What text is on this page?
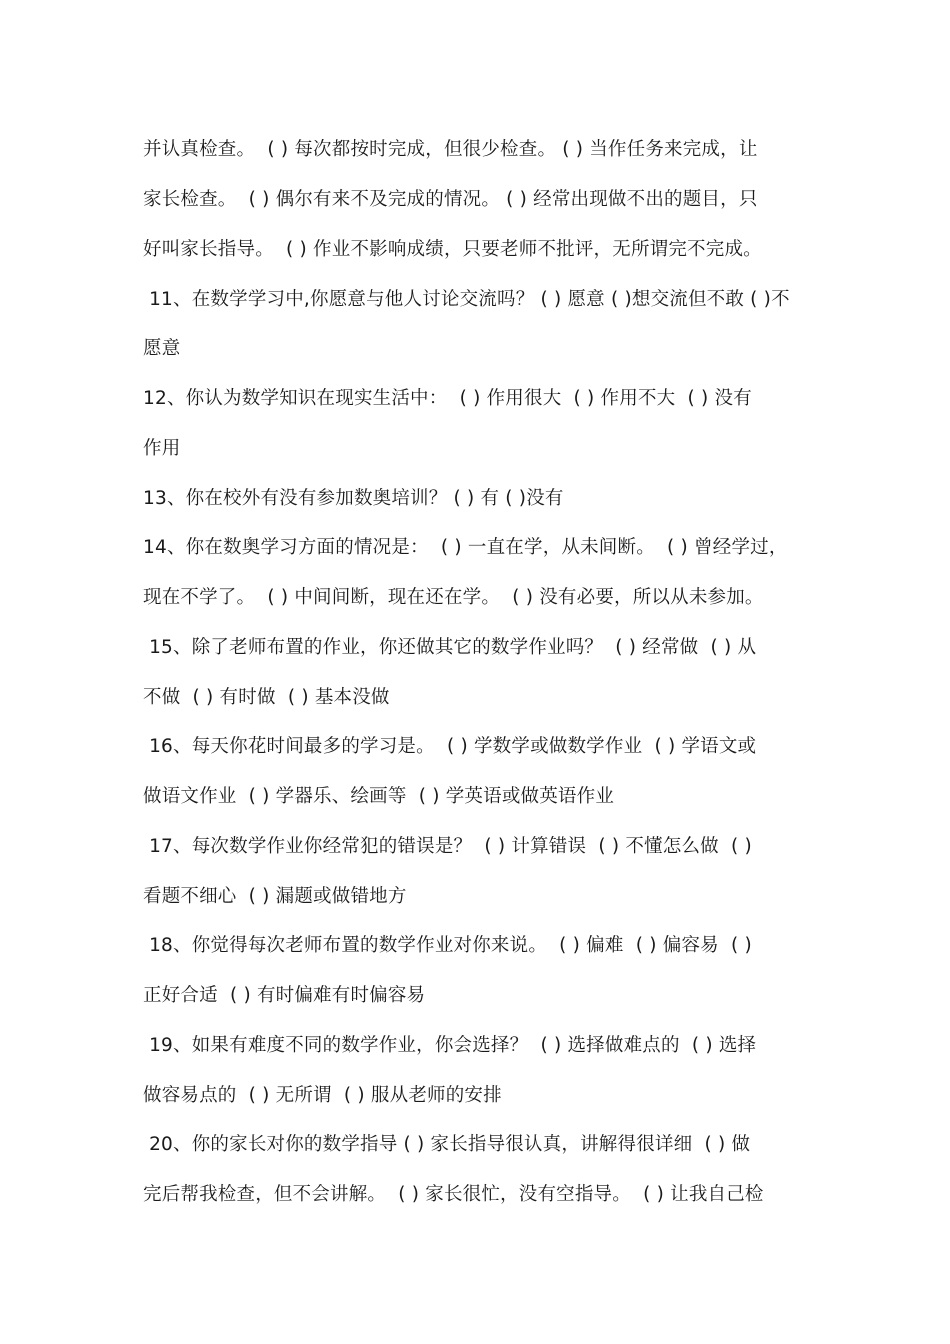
并认真检查。  ( ) 每次都按时完成，但很少检查。 ( ) 当作任务来完成，让
家长检查。  ( ) 偶尔有来不及完成的情况。 ( ) 经常出现做不出的题目，只
好叫家长指导。  ( ) 作业不影响成绩，只要老师不批评，无所谓完不完成。
11、在数学学习中,你愿意与他人讨论交流吗？ ( ) 愿意 ( )想交流但不敢 ( )不
愿意
12、你认为数学知识在现实生活中：  ( ) 作用很大  ( ) 作用不大  ( ) 没有
作用
13、你在校外有没有参加数奥培训？ ( ) 有 ( )没有
14、你在数奥学习方面的情况是：  ( ) 一直在学，从未间断。  ( ) 曾经学过，
现在不学了。  ( ) 中间间断，现在还在学。  ( ) 没有必要，所以从未参加。
15、除了老师布置的作业，你还做其它的数学作业吗？  ( ) 经常做  ( ) 从
不做  ( ) 有时做  ( ) 基本没做
16、每天你花时间最多的学习是。  ( ) 学数学或做数学作业  ( ) 学语文或
做语文作业  ( ) 学器乐、绘画等  ( ) 学英语或做英语作业
17、每次数学作业你经常犯的错误是？  ( ) 计算错误  ( ) 不懂怎么做  ( )
看题不细心  ( ) 漏题或做错地方
18、你觉得每次老师布置的数学作业对你来说。  ( ) 偏难  ( ) 偏容易  ( )
正好合适  ( ) 有时偏难有时偏容易
19、如果有难度不同的数学作业，你会选择？  ( ) 选择做难点的  ( ) 选择
做容易点的  ( ) 无所谓  ( ) 服从老师的安排
20、你的家长对你的数学指导 ( ) 家长指导很认真，讲解得很详细  ( ) 做
完后帮我检查，但不会讲解。  ( ) 家长很忙，没有空指导。  ( ) 让我自己检
